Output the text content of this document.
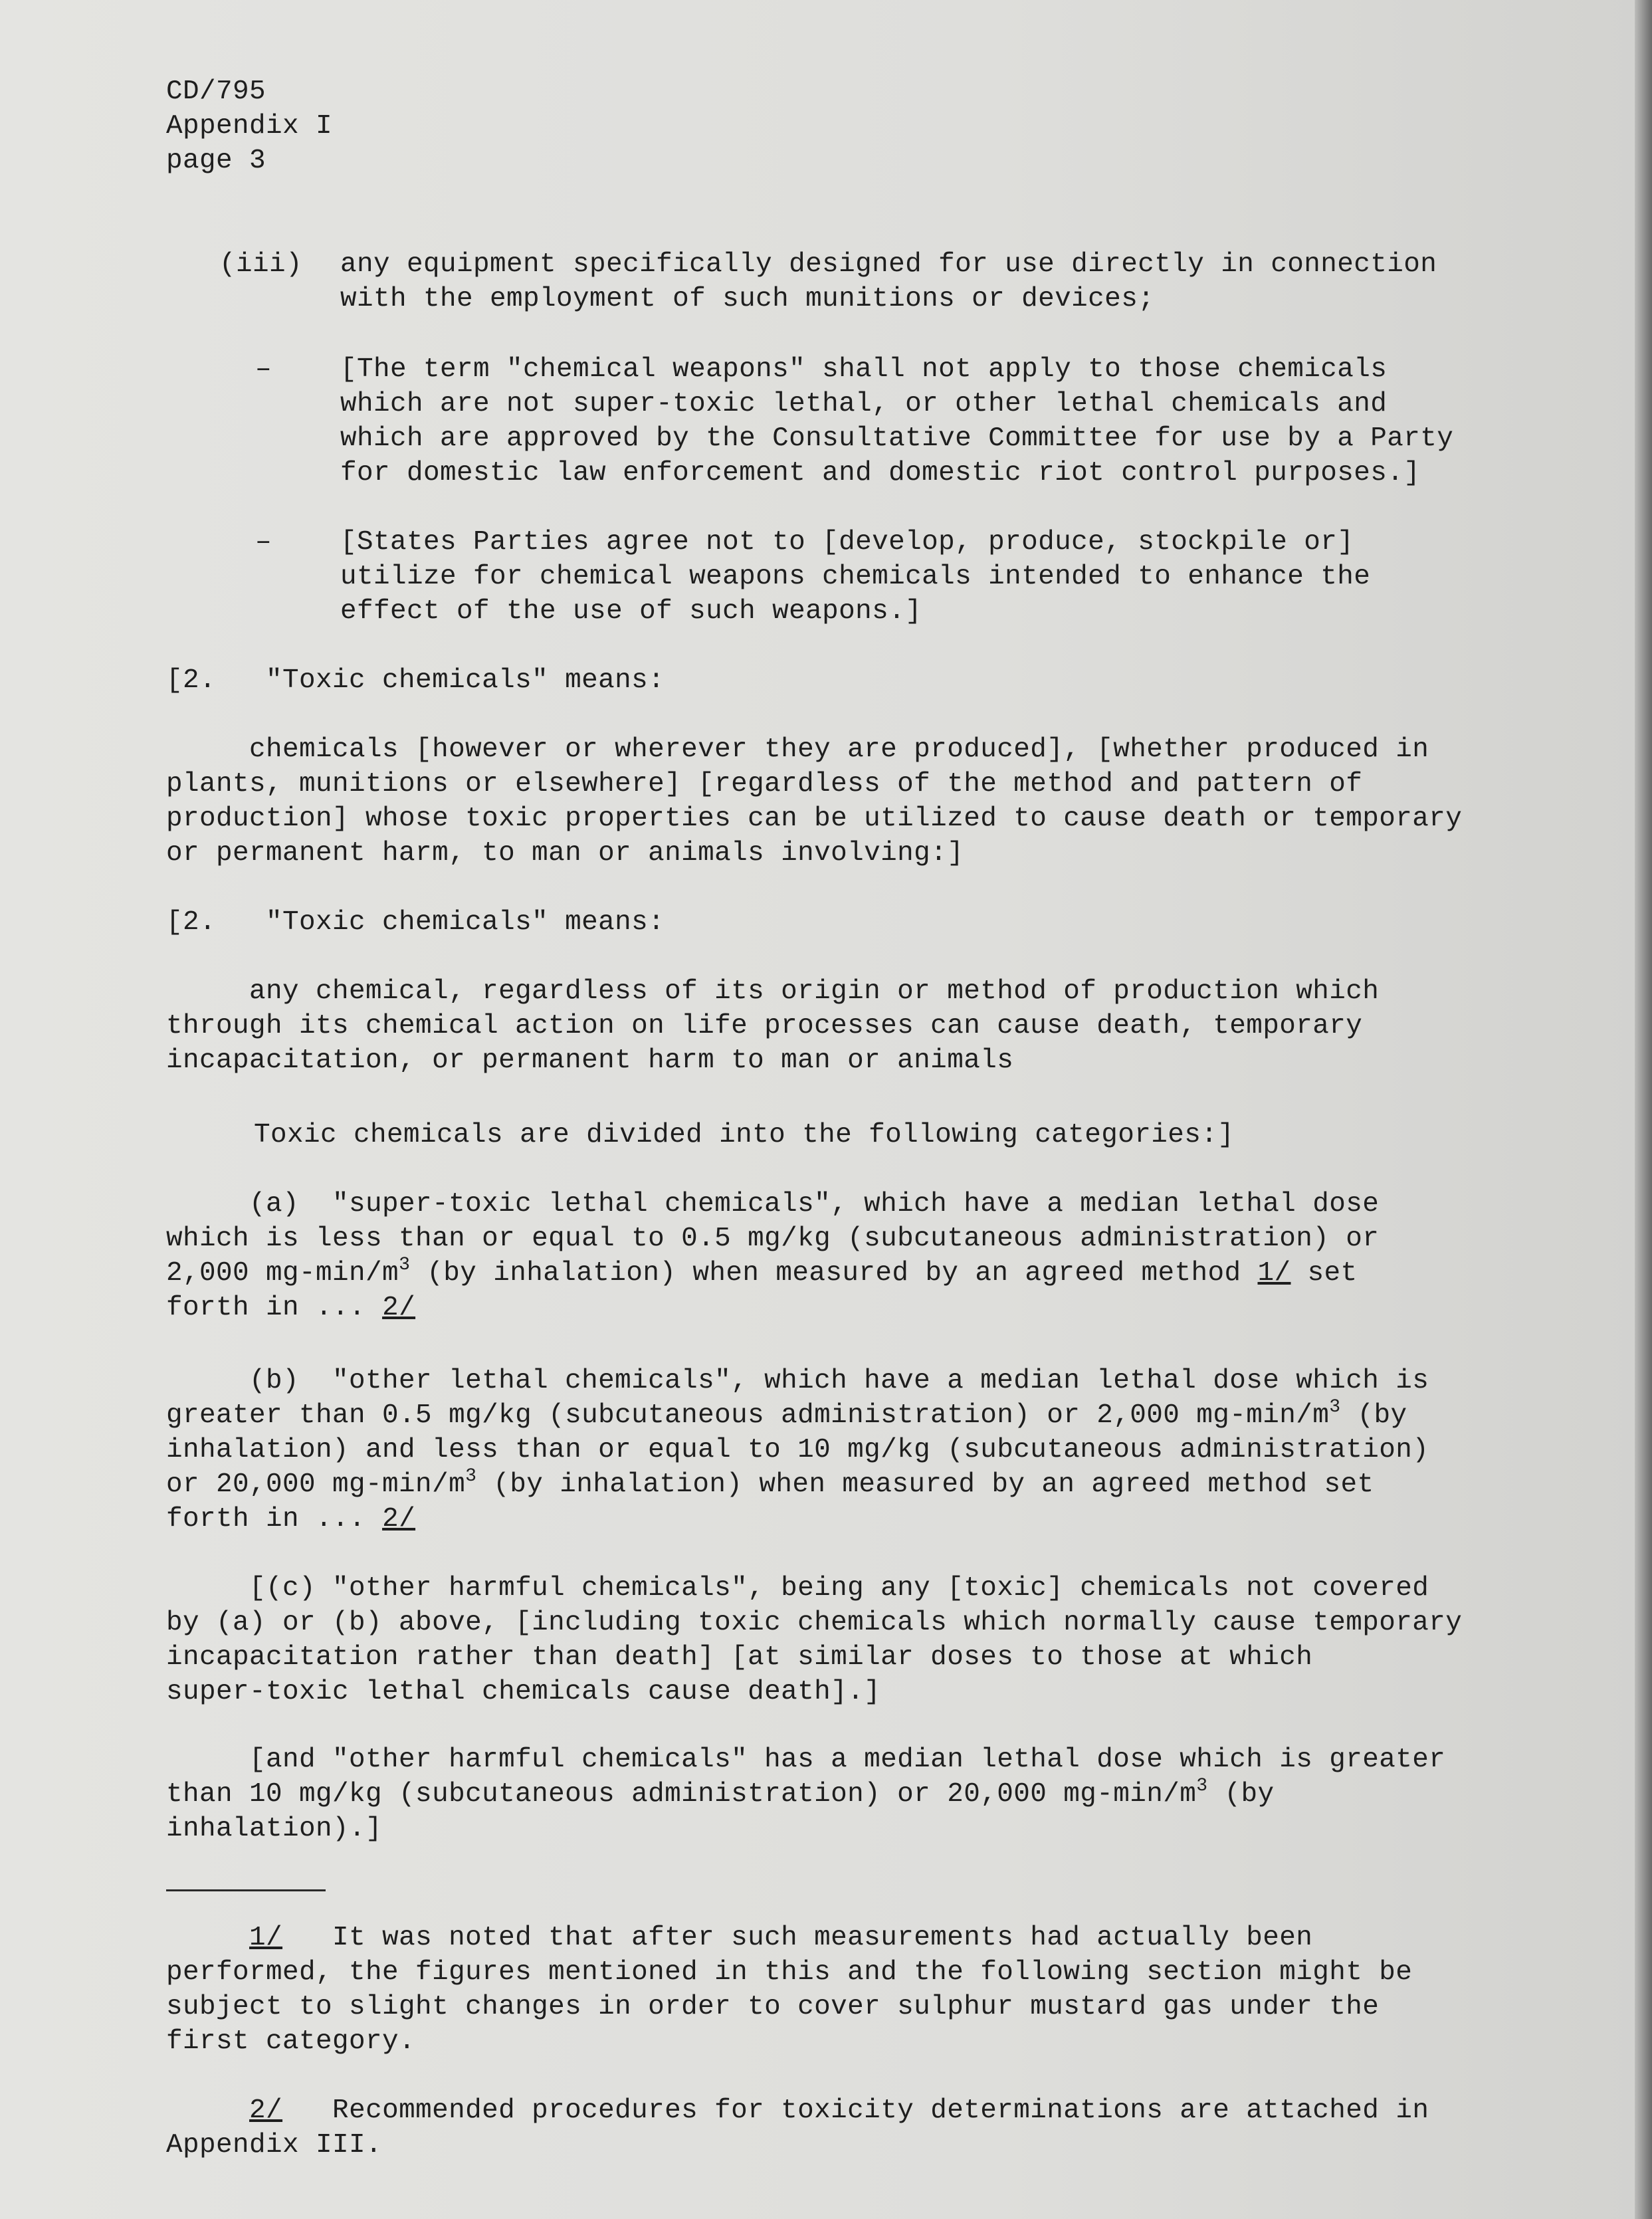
CD/795
Appendix I
page 3
(iii) any equipment specifically designed for use directly in connection
with the employment of such munitions or devices;
–	[The term "chemical weapons" shall not apply to those chemicals
which are not super-toxic lethal, or other lethal chemicals and
which are approved by the Consultative Committee for use by a Party
for domestic law enforcement and domestic riot control purposes.]
–	[States Parties agree not to [develop, produce, stockpile or]
utilize for chemical weapons chemicals intended to enhance the
effect of the use of such weapons.]
[2.   "Toxic chemicals" means:
chemicals [however or wherever they are produced], [whether produced in
plants, munitions or elsewhere] [regardless of the method and pattern of
production] whose toxic properties can be utilized to cause death or temporary
or permanent harm, to man or animals involving:]
[2.   "Toxic chemicals" means:
any chemical, regardless of its origin or method of production which
through its chemical action on life processes can cause death, temporary
incapacitation, or permanent harm to man or animals
Toxic chemicals are divided into the following categories:]
(a)  "super-toxic lethal chemicals", which have a median lethal dose
which is less than or equal to 0.5 mg/kg (subcutaneous administration) or
2,000 $mg-\min/m^3$ (by inhalation) when measured by an agreed method 1/ set
forth in ... 2/
(b)  "other lethal chemicals", which have a median lethal dose which is
greater than 0.5 mg/kg (subcutaneous administration) or 2,000 $mg-\min/m^3$ (by
inhalation) and less than or equal to 10 mg/kg (subcutaneous administration)
or 20,000 $mg-\min/m^3$ (by inhalation) when measured by an agreed method set
forth in ... 2/
[(c) "other harmful chemicals", being any [toxic] chemicals not covered
by (a) or (b) above, [including toxic chemicals which normally cause temporary
incapacitation rather than death] [at similar doses to those at which
super-toxic lethal chemicals cause death].]
[and "other harmful chemicals" has a median lethal dose which is greater
than 10 mg/kg (subcutaneous administration) or 20,000 $mg-\min/m^3$ (by
inhalation).]
1/   It was noted that after such measurements had actually been
performed, the figures mentioned in this and the following section might be
subject to slight changes in order to cover sulphur mustard gas under the
first category.
2/   Recommended procedures for toxicity determinations are attached in
Appendix III.
